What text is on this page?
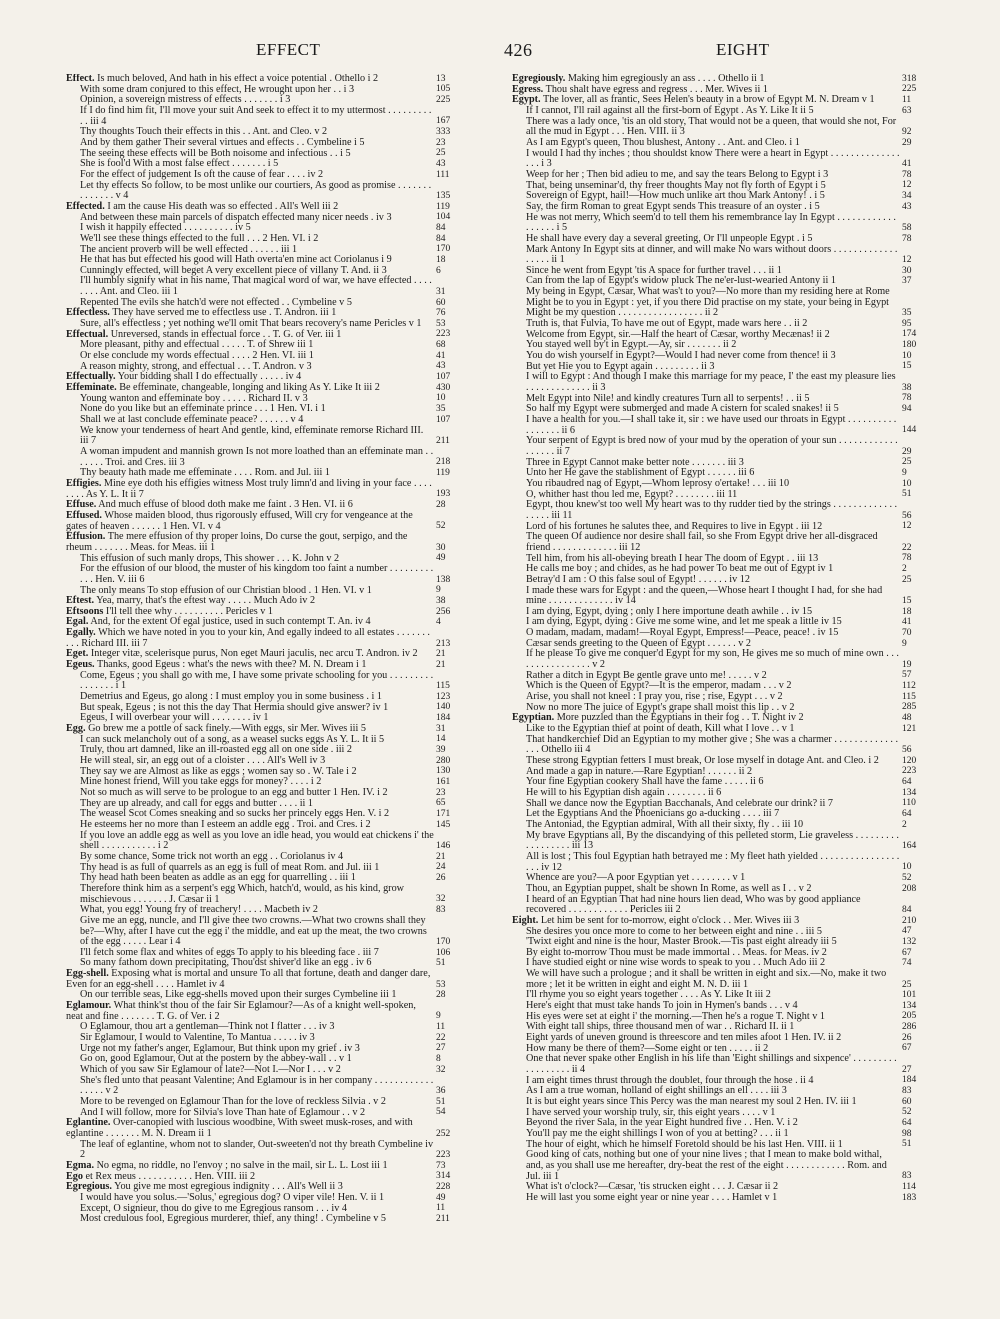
EFFECT	426	EIGHT
Effect. Is much beloved, And hath in his effect a voice potential . Othello i 2	13
With some dram conjured to this effect, He wrought upon her . . i 3	105
Opinion, a sovereign mistress of effects . . . . . . . i 3	225
If I do find him fit, I'll move your suit And seek to effect it to my uttermost . . . . . . . . . . . iii 4	167
Thy thoughts Touch their effects in this . . Ant. and Cleo. v 2	333
And by them gather Their several virtues and effects . . Cymbeline i 5	23
The seeing these effects will be Both noisome and infectious . . i 5	25
She is fool'd With a most false effect . . . . . . . i 5	43
For the effect of judgement Is oft the cause of fear . . . . iv 2	111
Let thy effects So follow, to be most unlike our courtiers, As good as promise . . . . . . . . . . . . . . v 4	135
Effected. I am the cause His death was so effected . All's Well iii 2	119
And between these main parcels of dispatch effected many nicer needs . iv 3	104
I wish it happily effected . . . . . . . . . . iv 5	84
We'll see these things effected to the full . . . 2 Hen. VI. i 2	84
The ancient proverb will be well effected . . . . . . iii 1	170
He that has but effected his good will Hath overta'en mine act Coriolanus i 9	18
Cunningly effected, will beget A very excellent piece of villany T. And. ii 3	6
I'll humbly signify what in his name, That magical word of war, we have effected . . . . . . . . Ant. and Cleo. iii 1	31
Repented The evils she hatch'd were not effected . . Cymbeline v 5	60
Effectless. They have served me to effectless use . T. Andron. iii 1	76
Sure, all's effectless ; yet nothing we'll omit That bears recovery's name Pericles v 1	53
Effectual. Unreversed, stands in effectual force . . T. G. of Ver. iii 1	223
More pleasant, pithy and effectual . . . . . T. of Shrew iii 1	68
Or else conclude my words effectual . . . . 2 Hen. VI. iii 1	41
A reason mighty, strong, and effectual . . . T. Andron. v 3	43
Effectually. Your bidding shall I do effectually . . . . . iv 4	107
Effeminate. Be effeminate, changeable, longing and liking As Y. Like It iii 2	430
Young wanton and effeminate boy . . . . . Richard II. v 3	10
None do you like but an effeminate prince . . . 1 Hen. VI. i 1	35
Shall we at last conclude effeminate peace? . . . . . . v 4	107
We know your tenderness of heart And gentle, kind, effeminate remorse Richard III. iii 7	211
A woman impudent and mannish grown Is not more loathed than an effeminate man . . . . . . . Troi. and Cres. iii 3	218
Thy beauty hath made me effeminate . . . . Rom. and Jul. iii 1	119
Effigies. Mine eye doth his effigies witness Most truly limn'd and living in your face . . . . . . . . As Y. L. It ii 7	193
Effuse. And much effuse of blood doth make me faint . 3 Hen. VI. ii 6	28
Effused. Whose maiden blood, thus rigorously effused, Will cry for vengeance at the gates of heaven . . . . . . 1 Hen. VI. v 4	52
Effusion. The mere effusion of thy proper loins, Do curse the gout, serpigo, and the rheum . . . . . . . Meas. for Meas. iii 1	30
This effusion of such manly drops, This shower . . . K. John v 2	49
For the effusion of our blood, the muster of his kingdom too faint a number . . . . . . . . . . . . Hen. V. iii 6	138
The only means To stop effusion of our Christian blood . 1 Hen. VI. v 1	9
Eftest. Yea, marry, that's the eftest way . . . . . Much Ado iv 2	38
Eftsoons I'll tell thee why . . . . . . . . . . Pericles v 1	256
Egal. And, for the extent Of egal justice, used in such contempt T. An. iv 4	4
Egally. Which we have noted in you to your kin, And egally indeed to all estates . . . . . . . . . . Richard III. iii 7	213
Eget. Integer vitæ, scelerisque purus, Non eget Mauri jaculis, nec arcu T. Andron. iv 2	21
Egeus. Thanks, good Egeus : what's the news with thee? M. N. Dream i 1	21
Come, Egeus ; you shall go with me, I have some private schooling for you . . . . . . . . . . . . . . . . i 1	115
Demetrius and Egeus, go along : I must employ you in some business . i 1	123
But speak, Egeus ; is not this the day That Hermia should give answer? iv 1	140
Egeus, I will overbear your will . . . . . . . . iv 1	184
Egg. Go brew me a pottle of sack finely.—With eggs, sir Mer. Wives iii 5	31
I can suck melancholy out of a song, as a weasel sucks eggs As Y. L. It ii 5	14
Truly, thou art damned, like an ill-roasted egg all on one side . iii 2	39
He will steal, sir, an egg out of a cloister . . . . All's Well iv 3	280
They say we are Almost as like as eggs ; women say so . W. Tale i 2	130
Mine honest friend, Will you take eggs for money? . . . . i 2	161
Not so much as will serve to be prologue to an egg and butter 1 Hen. IV. i 2	23
They are up already, and call for eggs and butter . . . . ii 1	65
The weasel Scot Comes sneaking and so sucks her princely eggs Hen. V. i 2	171
He esteems her no more than I esteem an addle egg . Troi. and Cres. i 2	145
If you love an addle egg as well as you love an idle head, you would eat chickens i' the shell . . . . . . . . . . . i 2	146
By some chance, Some trick not worth an egg . . Coriolanus iv 4	21
Thy head is as full of quarrels as an egg is full of meat Rom. and Jul. iii 1	24
Thy head hath been beaten as addle as an egg for quarrelling . . iii 1	26
Therefore think him as a serpent's egg Which, hatch'd, would, as his kind, grow mischievous . . . . . . . J. Cæsar ii 1	32
What, you egg! Young fry of treachery! . . . . Macbeth iv 2	83
Give me an egg, nuncle, and I'll give thee two crowns.—What two crowns shall they be?—Why, after I have cut the egg i' the middle, and eat up the meat, the two crowns of the egg . . . . . Lear i 4	170
I'll fetch some flax and whites of eggs To apply to his bleeding face . iii 7	106
So many fathom down precipitating, Thou'dst shiver'd like an egg . iv 6	51
Egg-shell. Exposing what is mortal and unsure To all that fortune, death and danger dare, Even for an egg-shell . . . . Hamlet iv 4	53
On our terrible seas, Like egg-shells moved upon their surges Cymbeline iii 1	28
Eglamour. What think'st thou of the fair Sir Eglamour?—As of a knight well-spoken, neat and fine . . . . . . . T. G. of Ver. i 2	9
O Eglamour, thou art a gentleman—Think not I flatter . . . iv 3	11
Sir Eglamour, I would to Valentine, To Mantua . . . . . iv 3	22
Urge not my father's anger, Eglamour, But think upon my grief . iv 3	27
Go on, good Eglamour, Out at the postern by the abbey-wall . . v 1	8
Which of you saw Sir Eglamour of late?—Not I.—Nor I . . . v 2	32
She's fled unto that peasant Valentine; And Eglamour is in her company . . . . . . . . . . . . . . . . . v 2	36
More to be revenged on Eglamour Than for the love of reckless Silvia . v 2	51
And I will follow, more for Silvia's love Than hate of Eglamour . . v 2	54
Eglantine. Over-canopied with luscious woodbine, With sweet musk-roses, and with eglantine . . . . . . . M. N. Dream ii 1	252
The leaf of eglantine, whom not to slander, Out-sweeten'd not thy breath Cymbeline iv 2	223
Egma. No egma, no riddle, no l'envoy ; no salve in the mail, sir L. L. Lost iii 1	73
Ego et Rex meus . . . . . . . . . . . Hen. VIII. iii 2	314
Egregious. You give me most egregious indignity . . . All's Well ii 3	228
I would have you solus.—'Solus,' egregious dog? O viper vile! Hen. V. ii 1	49
Except, O signieur, thou do give to me Egregious ransom . . . iv 4	11
Most credulous fool, Egregious murderer, thief, any thing! . Cymbeline v 5	211
Egregiously. Making him egregiously an ass . . . . Othello ii 1	318
Egress. Thou shalt have egress and regress . . . Mer. Wives ii 1	225
Egypt. The lover, all as frantic, Sees Helen's beauty in a brow of Egypt M. N. Dream v 1	11
If I cannot, I'll rail against all the first-born of Egypt . As Y. Like It ii 5	63
There was a lady once, 'tis an old story, That would not be a queen, that would she not, For all the mud in Egypt . . . Hen. VIII. ii 3	92
As I am Egypt's queen, Thou blushest, Antony . . Ant. and Cleo. i 1	29
I would I had thy inches ; thou shouldst know There were a heart in Egypt . . . . . . . . . . . . . . . . . i 3	41
Weep for her ; Then bid adieu to me, and say the tears Belong to Egypt i 3	78
That, being unseminar'd, thy freer thoughts May not fly forth of Egypt i 5	12
Sovereign of Egypt, hail!—How much unlike art thou Mark Antony! . i 5	34
Say, the firm Roman to great Egypt sends This treasure of an oyster . i 5	43
He was not merry, Which seem'd to tell them his remembrance lay In Egypt . . . . . . . . . . . . . . . . . . i 5	58
He shall have every day a several greeting, Or I'll unpeople Egypt . i 5	78
Mark Antony In Egypt sits at dinner, and will make No wars without doors . . . . . . . . . . . . . . . . . . ii 1	12
Since he went from Egypt 'tis A space for further travel . . . ii 1	30
Can from the lap of Egypt's widow pluck The ne'er-lust-wearied Antony ii 1	37
My being in Egypt, Cæsar, What was't to you?—No more than my residing here at Rome Might be to you in Egypt : yet, if you there Did practise on my state, your being in Egypt Might be my question . . . . . . . . . . . . . . . . . ii 2	35
Truth is, that Fulvia, To have me out of Egypt, made wars here . . ii 2	95
Welcome from Egypt, sir.—Half the heart of Cæsar, worthy Mecænas! ii 2	174
You stayed well by't in Egypt.—Ay, sir . . . . . . . ii 2	180
You do wish yourself in Egypt?—Would I had never come from thence! ii 3	10
But yet Hie you to Egypt again . . . . . . . . . ii 3	15
I will to Egypt : And though I make this marriage for my peace, I' the east my pleasure lies . . . . . . . . . . . . . ii 3	38
Melt Egypt into Nile! and kindly creatures Turn all to serpents! . . ii 5	78
So half my Egypt were submerged and made A cistern for scaled snakes! ii 5	94
I have a health for you.—I shall take it, sir : we have used our throats in Egypt . . . . . . . . . . . . . . . . . ii 6	144
Your serpent of Egypt is bred now of your mud by the operation of your sun . . . . . . . . . . . . . . . . . . ii 7	29
Three in Egypt Cannot make better note . . . . . . . iii 3	25
Unto her He gave the stablishment of Egypt . . . . . . iii 6	9
You ribaudred nag of Egypt,—Whom leprosy o'ertake! . . . iii 10	10
O, whither hast thou led me, Egypt? . . . . . . . . iii 11	51
Egypt, thou knew'st too well My heart was to thy rudder tied by the strings . . . . . . . . . . . . . . . . . . iii 11	56
Lord of his fortunes he salutes thee, and Requires to live in Egypt . iii 12	12
The queen Of audience nor desire shall fail, so she From Egypt drive her all-disgraced friend . . . . . . . . . . . . . iii 12	22
Tell him, from his all-obeying breath I hear The doom of Egypt . . iii 13	78
He calls me boy ; and chides, as he had power To beat me out of Egypt iv 1	2
Betray'd I am : O this false soul of Egypt! . . . . . . iv 12	25
I made these wars for Egypt : and the queen,—Whose heart I thought I had, for she had mine . . . . . . . . . . . . . iv 14	15
I am dying, Egypt, dying ; only I here importune death awhile . . iv 15	18
I am dying, Egypt, dying : Give me some wine, and let me speak a little iv 15	41
O madam, madam, madam!—Royal Egypt, Empress!—Peace, peace! . iv 15	70
Cæsar sends greeting to the Queen of Egypt . . . . . . v 2	9
If he please To give me conquer'd Egypt for my son, He gives me so much of mine own . . . . . . . . . . . . . . . . v 2	19
Rather a ditch in Egypt Be gentle grave unto me! . . . . . v 2	57
Which is the Queen of Egypt?—It is the emperor, madam . . . v 2	112
Arise, you shall not kneel : I pray you, rise ; rise, Egypt . . . v 2	115
Now no more The juice of Egypt's grape shall moist this lip . . v 2	285
Egyptian. More puzzled than the Egyptians in their fog . . T. Night iv 2	48
Like to the Egyptian thief at point of death, Kill what I love . . v 1	121
That handkerchief Did an Egyptian to my mother give ; She was a charmer . . . . . . . . . . . . . . . . Othello iii 4	56
These strong Egyptian fetters I must break, Or lose myself in dotage Ant. and Cleo. i 2	120
And made a gap in nature.—Rare Egyptian! . . . . . . ii 2	223
Your fine Egyptian cookery Shall have the fame . . . . . ii 6	64
He will to his Egyptian dish again . . . . . . . . ii 6	134
Shall we dance now the Egyptian Bacchanals, And celebrate our drink? ii 7	110
Let the Egyptians And the Phoenicians go a-ducking . . . . iii 7	64
The Antoniad, the Egyptian admiral, With all their sixty, fly . . iii 10	2
My brave Egyptians all, By the discandying of this pelleted storm, Lie graveless . . . . . . . . . . . . . . . . . . iii 13	164
All is lost ; This foul Egyptian hath betrayed me : My fleet hath yielded . . . . . . . . . . . . . . . . . . . iv 12	10
Whence are you?—A poor Egyptian yet . . . . . . . . v 1	52
Thou, an Egyptian puppet, shalt be shown In Rome, as well as I . . v 2	208
I heard of an Egyptian That had nine hours lien dead, Who was by good appliance recovered . . . . . . . . . . . . Pericles iii 2	84
Eight. Let him be sent for to-morrow, eight o'clock . . Mer. Wives iii 3	210
She desires you once more to come to her between eight and nine . . iii 5	47
'Twixt eight and nine is the hour, Master Brook.—Tis past eight already iii 5	132
By eight to-morrow Thou must be made immortal . . Meas. for Meas. iv 2	67
I have studied eight or nine wise words to speak to you . . Much Ado iii 2	74
We will have such a prologue ; and it shall be written in eight and six.—No, make it two more ; let it be written in eight and eight M. N. D. iii 1	25
I'll rhyme you so eight years together . . . . As Y. Like It iii 2	101
Here's eight that must take hands To join in Hymen's bands . . . v 4	134
His eyes were set at eight i' the morning.—Then he's a rogue T. Night v 1	205
With eight tall ships, three thousand men of war . . Richard II. ii 1	286
Eight yards of uneven ground is threescore and ten miles afoot 1 Hen. IV. ii 2	26
How many be there of them?—Some eight or ten . . . . . ii 2	67
One that never spake other English in his life than 'Eight shillings and sixpence' . . . . . . . . . . . . . . . . . . ii 4	27
I am eight times thrust through the doublet, four through the hose . ii 4	184
As I am a true woman, holland of eight shillings an ell . . . . iii 3	83
It is but eight years since This Percy was the man nearest my soul 2 Hen. IV. iii 1	60
I have served your worship truly, sir, this eight years . . . . v 1	52
Beyond the river Sala, in the year Eight hundred five . . Hen. V. i 2	64
You'll pay me the eight shillings I won of you at betting? . . . ii 1	98
The hour of eight, which he himself Foretold should be his last Hen. VIII. ii 1	51
Good king of cats, nothing but one of your nine lives ; that I mean to make bold withal, and, as you shall use me hereafter, dry-beat the rest of the eight . . . . . . . . . . . . Rom. and Jul. iii 1	83
What is't o'clock?—Cæsar, 'tis strucken eight . . . J. Cæsar ii 2	114
He will last you some eight year or nine year . . . . Hamlet v 1	183
